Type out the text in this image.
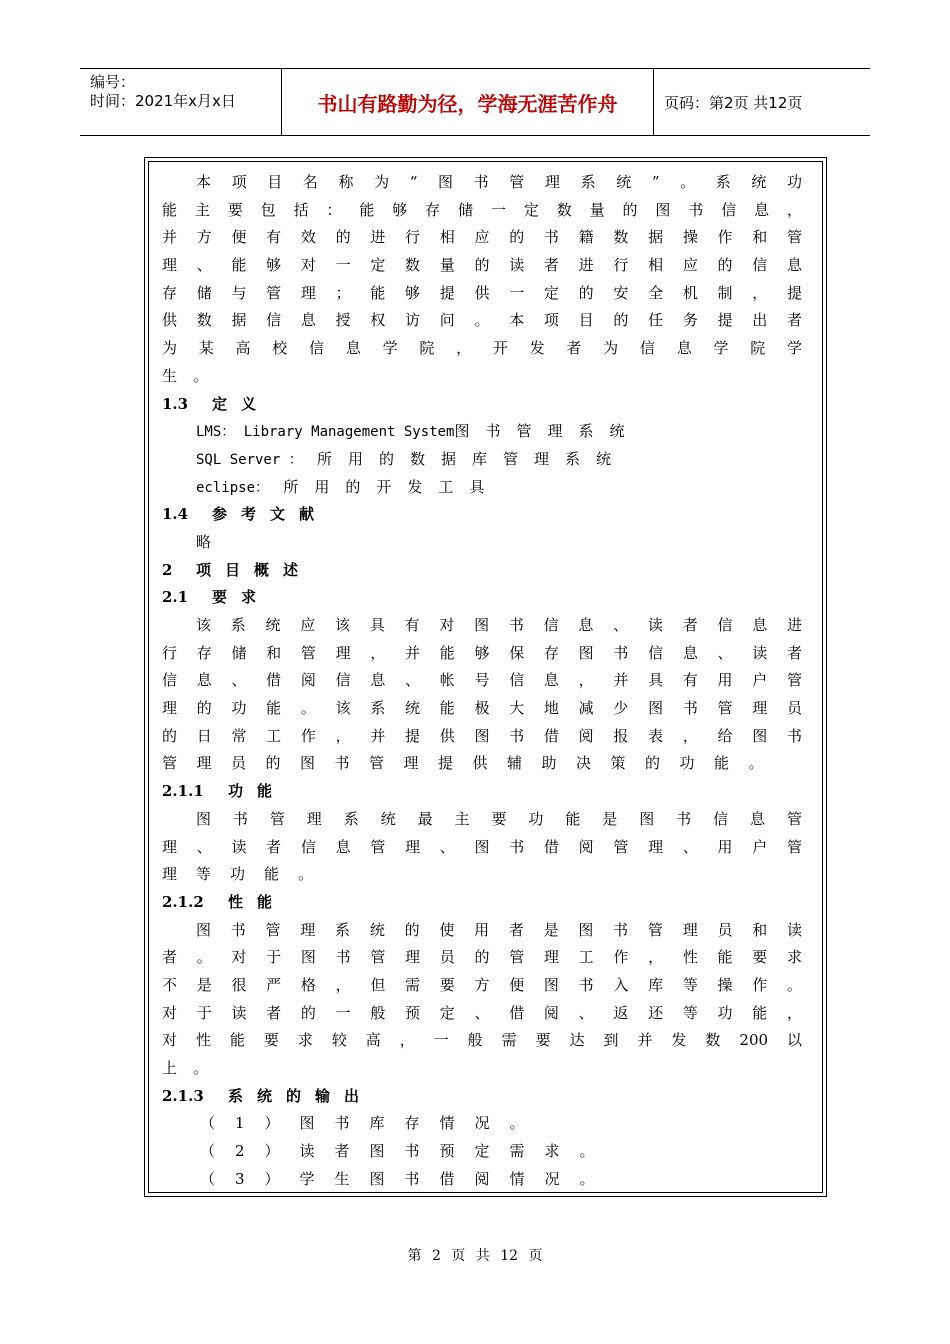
编号：
时间：2021年x月x日	书山有路勤为径，学海无涯苦作舟	页码：第2页 共12页
本项目名称为“图书管理系统”。系统功
能主要包括：能够存储一定数量的图书信息，
并方便有效的进行相应的书籍数据操作和管
理、能够对一定数量的读者进行相应的信息
存储与管理；能够提供一定的安全机制，提
供数据信息授权访问。本项目的任务提出者
为某高校信息学院，开发者为信息学院学
生。
1.3 定义
LMS： Library Management System图书管理系统
SQL Server ： 所用的数据库管理系统
eclipse： 所用的开发工具
1.4 参考文献
略
2 项目概述
2.1 要求
该系统应该具有对图书信息、读者信息进
行存储和管理，并能够保存图书信息、读者
信息、借阅信息、帐号信息，并具有用户管
理的功能。该系统能极大地减少图书管理员
的日常工作，并提供图书借阅报表，给图书
管理员的图书管理提供辅助决策的功能。
2.1.1 功能
图书管理系统最主要功能是图书信息管
理、读者信息管理、图书借阅管理、用户管
理等功能。
2.1.2 性能
图书管理系统的使用者是图书管理员和读
者。对于图书管理员的管理工作，性能要求
不是很严格，但需要方便图书入库等操作。
对于读者的一般预定、借阅、返还等功能，
对性能要求较高，一般需要达到并发数200以
上。
2.1.3 系统的输出
（1）图书库存情况。
（2）读者图书预定需求。
（3）学生图书借阅情况。
第 2 页 共 12 页
